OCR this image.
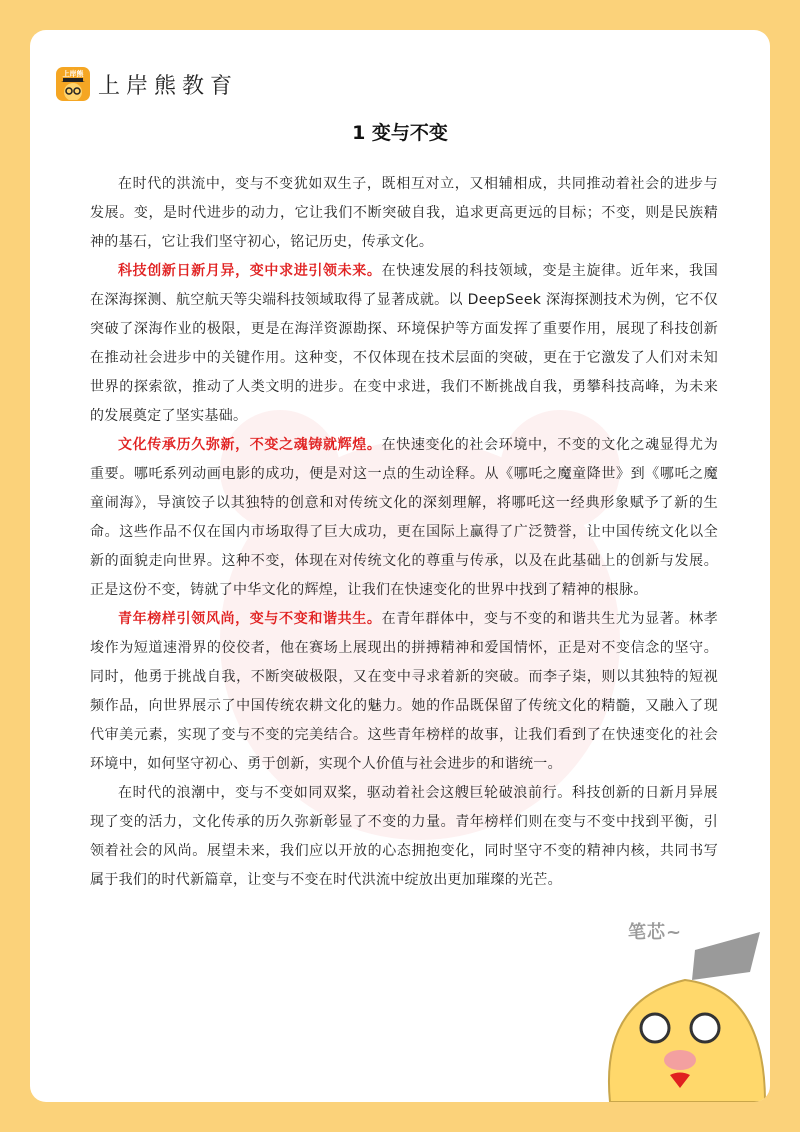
上岸熊 上岸熊教育
1 变与不变

在时代的洪流中，变与不变犹如双生子，既相互对立，又相辅相成，共同推动着社会的进步与发展。变，是时代进步的动力，它让我们不断突破自我，追求更高更远的目标；不变，则是民族精神的基石，它让我们坚守初心，铭记历史，传承文化。

科技创新日新月异，变中求进引领未来。在快速发展的科技领域，变是主旋律。近年来，我国在深海探测、航空航天等尖端科技领域取得了显著成就。以 DeepSeek 深海探测技术为例，它不仅突破了深海作业的极限，更是在海洋资源勘探、环境保护等方面发挥了重要作用，展现了科技创新在推动社会进步中的关键作用。这种变，不仅体现在技术层面的突破，更在于它激发了人们对未知世界的探索欲，推动了人类文明的进步。在变中求进，我们不断挑战自我，勇攀科技高峰，为未来的发展奠定了坚实基础。

文化传承历久弥新，不变之魂铸就辉煌。在快速变化的社会环境中，不变的文化之魂显得尤为重要。哪吒系列动画电影的成功，便是对这一点的生动诠释。从《哪吒之魔童降世》到《哪吒之魔童闹海》，导演饺子以其独特的创意和对传统文化的深刻理解，将哪吒这一经典形象赋予了新的生命。这些作品不仅在国内市场取得了巨大成功，更在国际上赢得了广泛赞誉，让中国传统文化以全新的面貌走向世界。这种不变，体现在对传统文化的尊重与传承，以及在此基础上的创新与发展。正是这份不变，铸就了中华文化的辉煌，让我们在快速变化的世界中找到了精神的根脉。

青年榜样引领风尚，变与不变和谐共生。在青年群体中，变与不变的和谐共生尤为显著。林孝埈作为短道速滑界的佼佼者，他在赛场上展现出的拼搏精神和爱国情怀，正是对不变信念的坚守。同时，他勇于挑战自我，不断突破极限，又在变中寻求着新的突破。而李子柒，则以其独特的短视频作品，向世界展示了中国传统农耕文化的魅力。她的作品既保留了传统文化的精髓，又融入了现代审美元素，实现了变与不变的完美结合。这些青年榜样的故事，让我们看到了在快速变化的社会环境中，如何坚守初心、勇于创新，实现个人价值与社会进步的和谐统一。

在时代的浪潮中，变与不变如同双桨，驱动着社会这艘巨轮破浪前行。科技创新的日新月异展现了变的活力，文化传承的历久弥新彰显了不变的力量。青年榜样们则在变与不变中找到平衡，引领着社会的风尚。展望未来，我们应以开放的心态拥抱变化，同时坚守不变的精神内核，共同书写属于我们的时代新篇章，让变与不变在时代洪流中绽放出更加璀璨的光芒。

笔芯~
